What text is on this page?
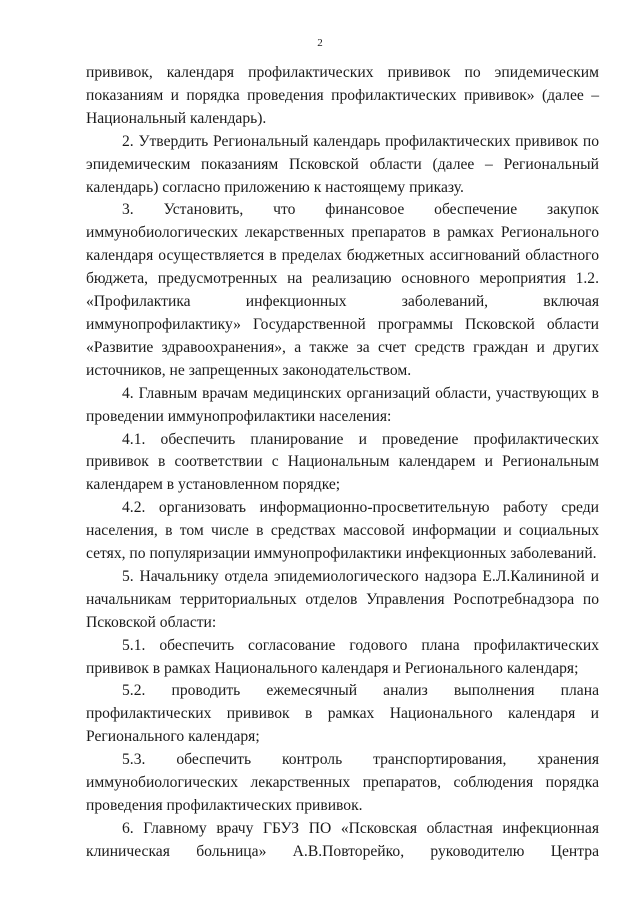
2

прививок, календаря профилактических прививок по эпидемическим показаниям и порядка проведения профилактических прививок» (далее – Национальный календарь).

2. Утвердить Региональный календарь профилактических прививок по эпидемическим показаниям Псковской области (далее – Региональный календарь) согласно приложению к настоящему приказу.

3. Установить, что финансовое обеспечение закупок иммунобиологических лекарственных препаратов в рамках Регионального календаря осуществляется в пределах бюджетных ассигнований областного бюджета, предусмотренных на реализацию основного мероприятия 1.2. «Профилактика инфекционных заболеваний, включая иммунопрофилактику» Государственной программы Псковской области «Развитие здравоохранения», а также за счет средств граждан и других источников, не запрещенных законодательством.

4. Главным врачам медицинских организаций области, участвующих в проведении иммунопрофилактики населения:

4.1. обеспечить планирование и проведение профилактических прививок в соответствии с Национальным календарем и Региональным календарем в установленном порядке;

4.2. организовать информационно-просветительную работу среди населения, в том числе в средствах массовой информации и социальных сетях, по популяризации иммунопрофилактики инфекционных заболеваний.

5. Начальнику отдела эпидемиологического надзора Е.Л.Калининой и начальникам территориальных отделов Управления Роспотребнадзора по Псковской области:

5.1. обеспечить согласование годового плана профилактических прививок в рамках Национального календаря и Регионального календаря;

5.2. проводить ежемесячный анализ выполнения плана профилактических прививок в рамках Национального календаря и Регионального календаря;

5.3. обеспечить контроль транспортирования, хранения иммунобиологических лекарственных препаратов, соблюдения порядка проведения профилактических прививок.

6. Главному врачу ГБУЗ ПО «Псковская областная инфекционная клиническая больница» А.В.Повторейко, руководителю Центра
